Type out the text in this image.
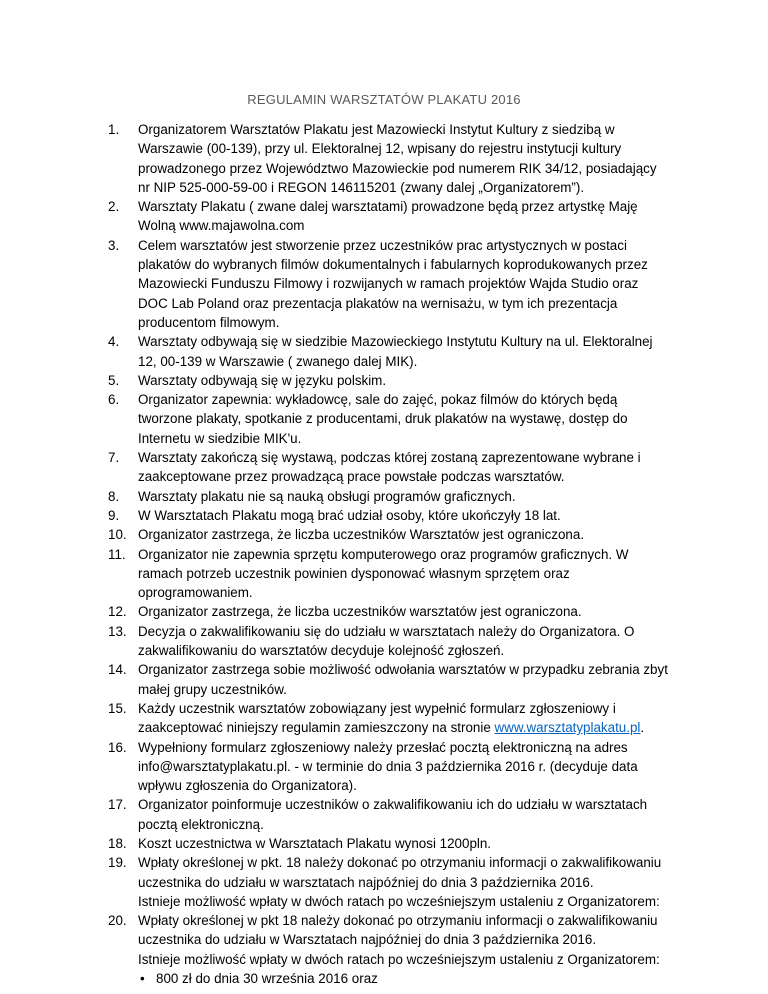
REGULAMIN WARSZTATÓW PLAKATU 2016
1.	Organizatorem Warsztatów Plakatu jest Mazowiecki Instytut Kultury z siedzibą w Warszawie (00-139), przy ul. Elektoralnej 12, wpisany do rejestru instytucji kultury prowadzonego przez Województwo Mazowieckie pod numerem RIK 34/12, posiadający nr NIP 525-000-59-00 i REGON 146115201 (zwany dalej „Organizatorem”).
2.	Warsztaty Plakatu ( zwane dalej warsztatami) prowadzone będą przez artystkę Maję Wolną www.majawolna.com
3.	Celem warsztatów jest stworzenie przez uczestników prac artystycznych w postaci plakatów do wybranych filmów dokumentalnych i fabularnych koprodukowanych przez Mazowiecki Funduszu Filmowy i rozwijanych w ramach projektów Wajda Studio oraz DOC Lab Poland oraz prezentacja plakatów na wernisażu, w tym ich prezentacja producentom filmowym.
4.	Warsztaty odbywają się w siedzibie Mazowieckiego Instytutu Kultury na ul. Elektoralnej 12, 00-139 w Warszawie ( zwanego dalej MIK).
5.	Warsztaty odbywają się w języku polskim.
6.	Organizator zapewnia: wykładowcę, sale do zajęć, pokaz filmów do których będą tworzone plakaty, spotkanie z producentami, druk plakatów na wystawę, dostęp do Internetu w siedzibie MIK'u.
7.	Warsztaty zakończą się wystawą, podczas której zostaną zaprezentowane wybrane i zaakceptowane przez prowadzącą prace powstałe podczas warsztatów.
8.	Warsztaty plakatu nie są nauką obsługi programów graficznych.
9.	W Warsztatach Plakatu mogą brać udział osoby, które ukończyły 18 lat.
10. Organizator zastrzega, że liczba uczestników Warsztatów jest ograniczona.
11. Organizator nie zapewnia sprzętu komputerowego oraz programów graficznych. W ramach potrzeb uczestnik powinien dysponować własnym sprzętem oraz oprogramowaniem.
12. Organizator zastrzega, że liczba uczestników warsztatów jest ograniczona.
13. Decyzja o zakwalifikowaniu się do udziału w warsztatach należy do Organizatora. O zakwalifikowaniu do warsztatów decyduje kolejność zgłoszeń.
14. Organizator zastrzega sobie możliwość odwołania warsztatów w przypadku zebrania zbyt małej grupy uczestników.
15. Każdy uczestnik warsztatów zobowiązany jest wypełnić formularz zgłoszeniowy i zaakceptować niniejszy regulamin zamieszczony na stronie www.warsztatyplakatu.pl.
16. Wypełniony formularz zgłoszeniowy należy przesłać pocztą elektroniczną na adres info@warsztatyplakatu.pl. - w terminie do dnia 3 października 2016 r. (decyduje data wpływu zgłoszenia do Organizatora).
17. Organizator poinformuje uczestników o zakwalifikowaniu ich do udziału w warsztatach pocztą elektroniczną.
18. Koszt uczestnictwa w Warsztatach Plakatu wynosi 1200pln.
19. Wpłaty określonej w pkt. 18 należy dokonać po otrzymaniu informacji o zakwalifikowaniu uczestnika do udziału w warsztatach najpóźniej do dnia 3 października 2016.
Istnieje możliwość wpłaty w dwóch ratach po wcześniejszym ustaleniu z Organizatorem:
20. Wpłaty określonej w pkt 18 należy dokonać po otrzymaniu informacji o zakwalifikowaniu uczestnika do udziału w Warsztatach najpóźniej do dnia 3 października 2016.
Istnieje możliwość wpłaty w dwóch ratach po wcześniejszym ustaleniu z Organizatorem:
• 800 zł do dnia 30 września 2016 oraz
